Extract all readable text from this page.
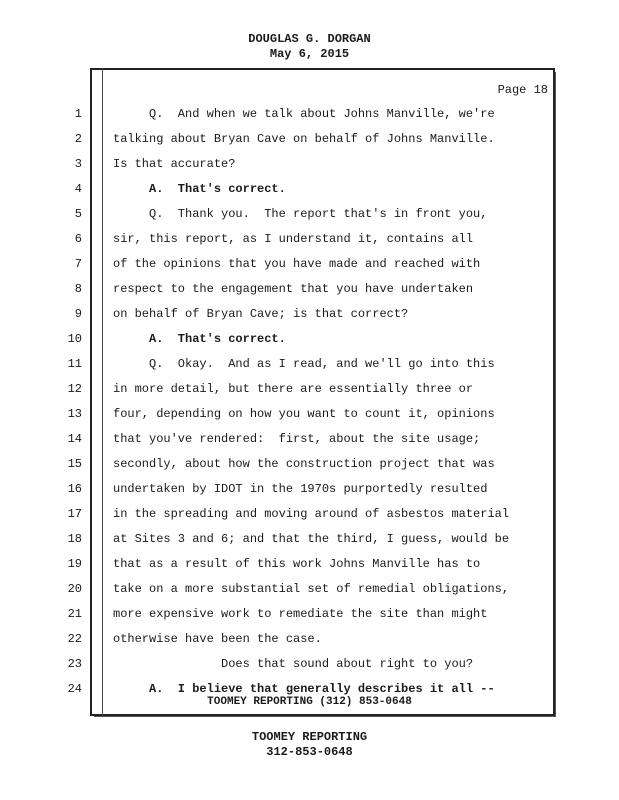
DOUGLAS G. DORGAN
May 6, 2015
Page 18
1	Q.  And when we talk about Johns Manville, we're
2	talking about Bryan Cave on behalf of Johns Manville.
3	Is that accurate?
4	A.  That's correct.
5	Q.  Thank you.  The report that's in front you,
6	sir, this report, as I understand it, contains all
7	of the opinions that you have made and reached with
8	respect to the engagement that you have undertaken
9	on behalf of Bryan Cave; is that correct?
10	A.  That's correct.
11	Q.  Okay.  And as I read, and we'll go into this
12	in more detail, but there are essentially three or
13	four, depending on how you want to count it, opinions
14	that you've rendered:  first, about the site usage;
15	secondly, about how the construction project that was
16	undertaken by IDOT in the 1970s purportedly resulted
17	in the spreading and moving around of asbestos material
18	at Sites 3 and 6; and that the third, I guess, would be
19	that as a result of this work Johns Manville has to
20	take on a more substantial set of remedial obligations,
21	more expensive work to remediate the site than might
22	otherwise have been the case.
23	Does that sound about right to you?
24	A.  I believe that generally describes it all --
TOOMEY REPORTING (312) 853-0648
TOOMEY REPORTING
312-853-0648
